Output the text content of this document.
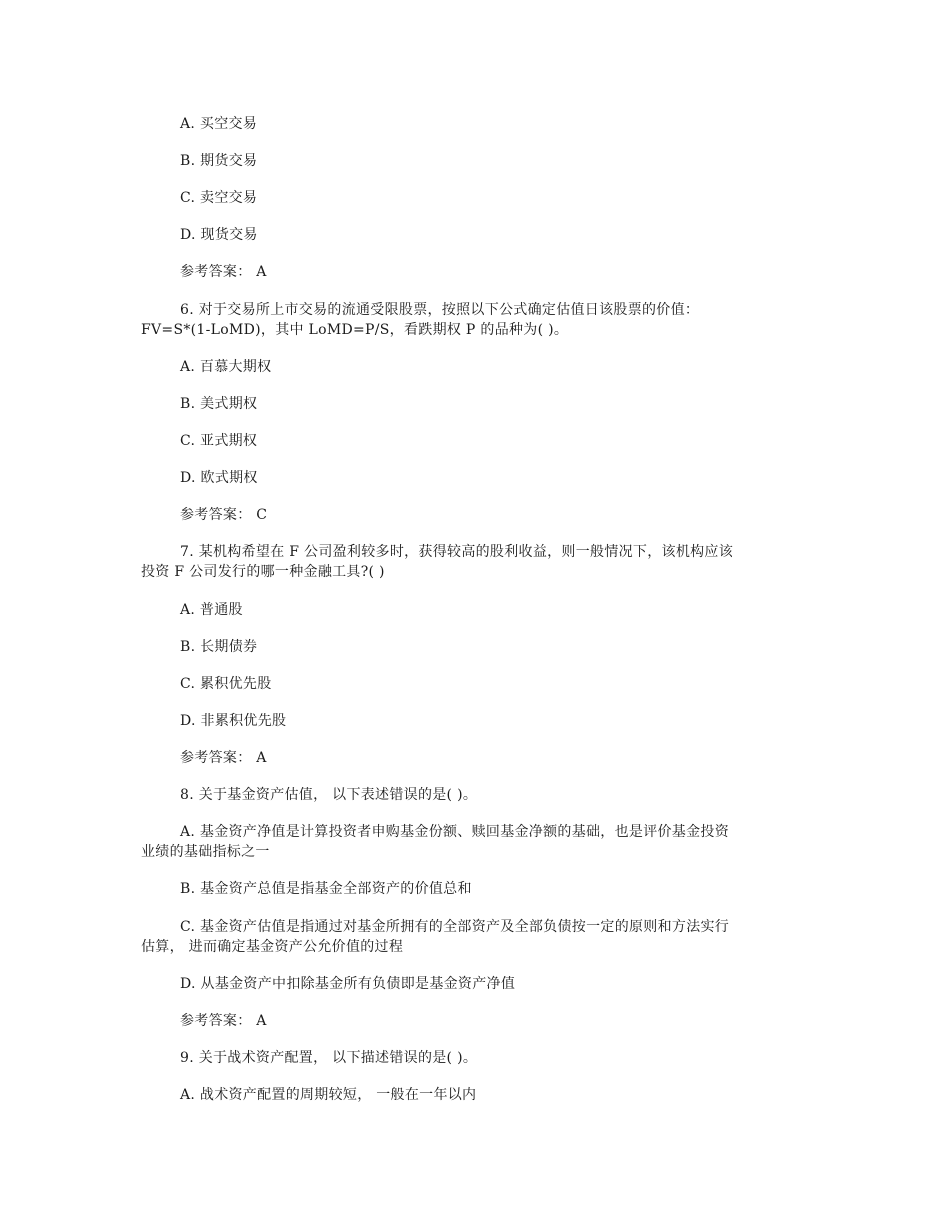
A. 买空交易
B. 期货交易
C. 卖空交易
D. 现货交易
参考答案： A
6. 对于交易所上市交易的流通受限股票，按照以下公式确定估值日该股票的价值：
FV=S*(1-LoMD)，其中 LoMD=P/S，看跌期权 P 的品种为( )。
A. 百慕大期权
B. 美式期权
C. 亚式期权
D. 欧式期权
参考答案： C
7. 某机构希望在 F 公司盈利较多时，获得较高的股利收益，则一般情况下，该机构应该
投资 F 公司发行的哪一种金融工具?( )
A. 普通股
B. 长期债券
C. 累积优先股
D. 非累积优先股
参考答案： A
8. 关于基金资产估值， 以下表述错误的是( )。
A. 基金资产净值是计算投资者申购基金份额、赎回基金净额的基础，也是评价基金投资
业绩的基础指标之一
B. 基金资产总值是指基金全部资产的价值总和
C. 基金资产估值是指通过对基金所拥有的全部资产及全部负债按一定的原则和方法实行
估算， 进而确定基金资产公允价值的过程
D. 从基金资产中扣除基金所有负债即是基金资产净值
参考答案： A
9. 关于战术资产配置， 以下描述错误的是( )。
A. 战术资产配置的周期较短， 一般在一年以内
